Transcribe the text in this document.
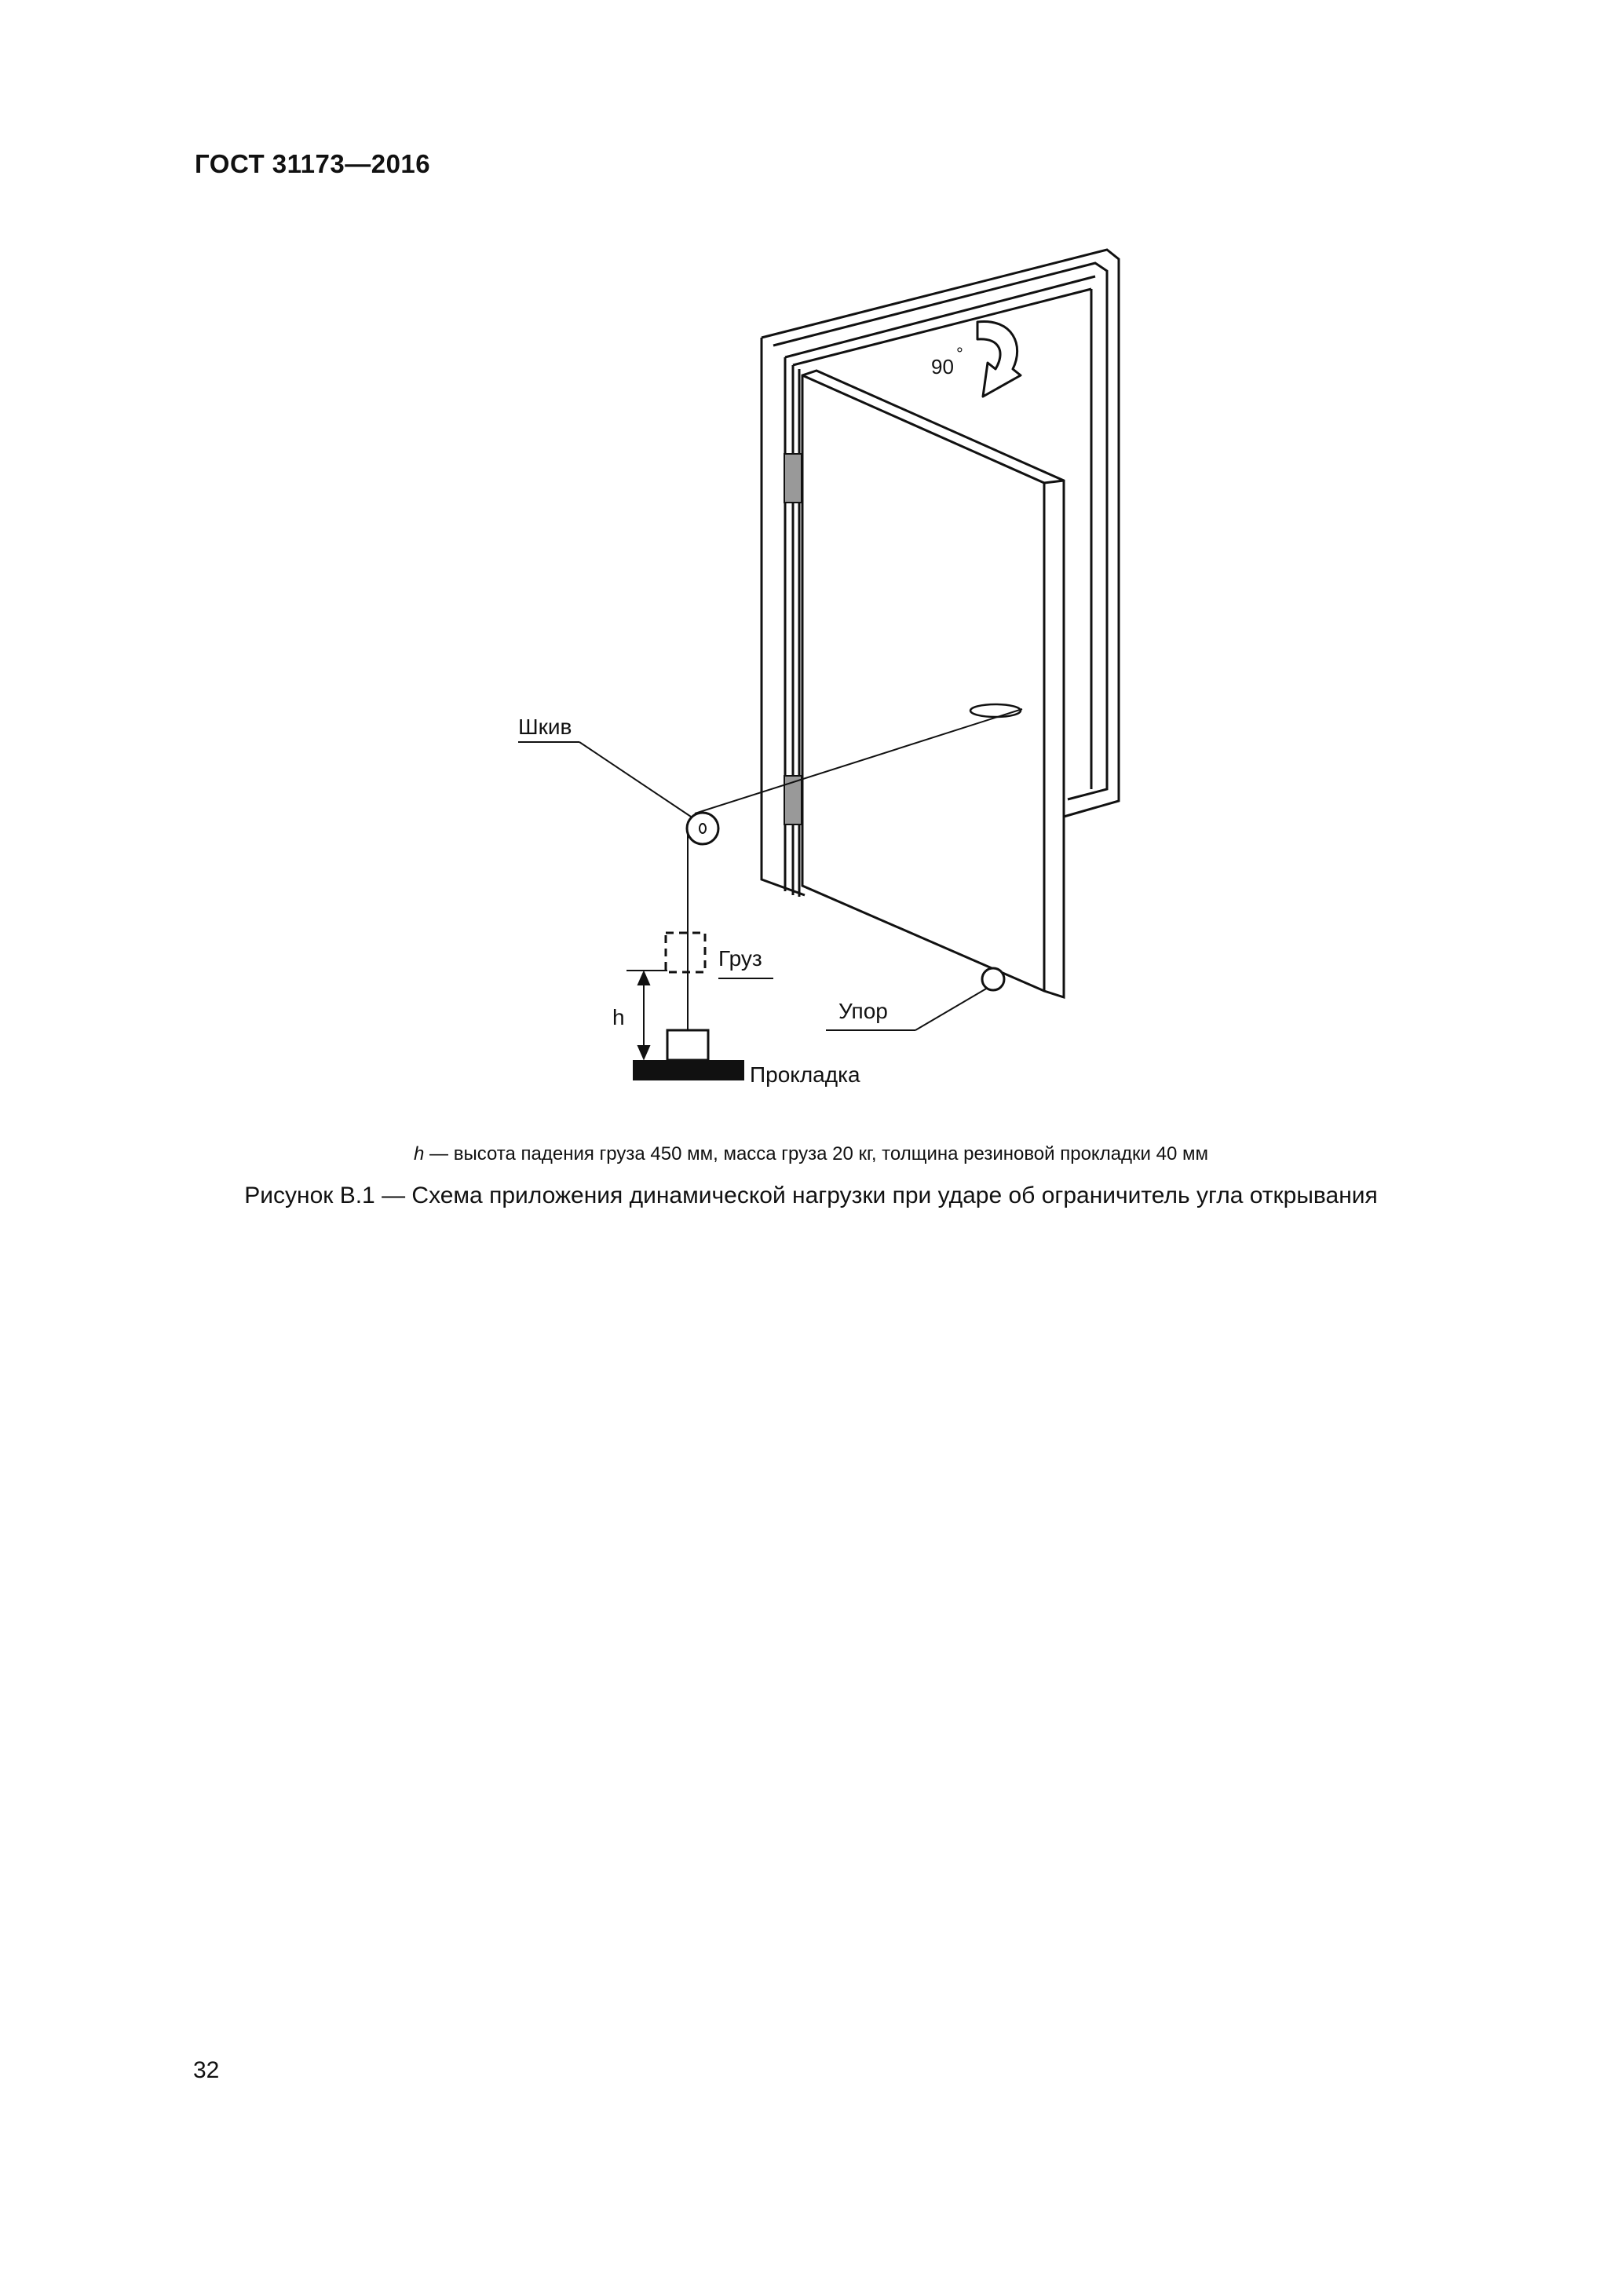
ГОСТ 31173—2016
90
°
Шкив
Груз
h
Прокладка
Упор
h — высота падения груза 450 мм, масса груза 20 кг, толщина резиновой прокладки 40 мм
Рисунок В.1 — Схема приложения динамической нагрузки при ударе об ограничитель угла открывания
32
